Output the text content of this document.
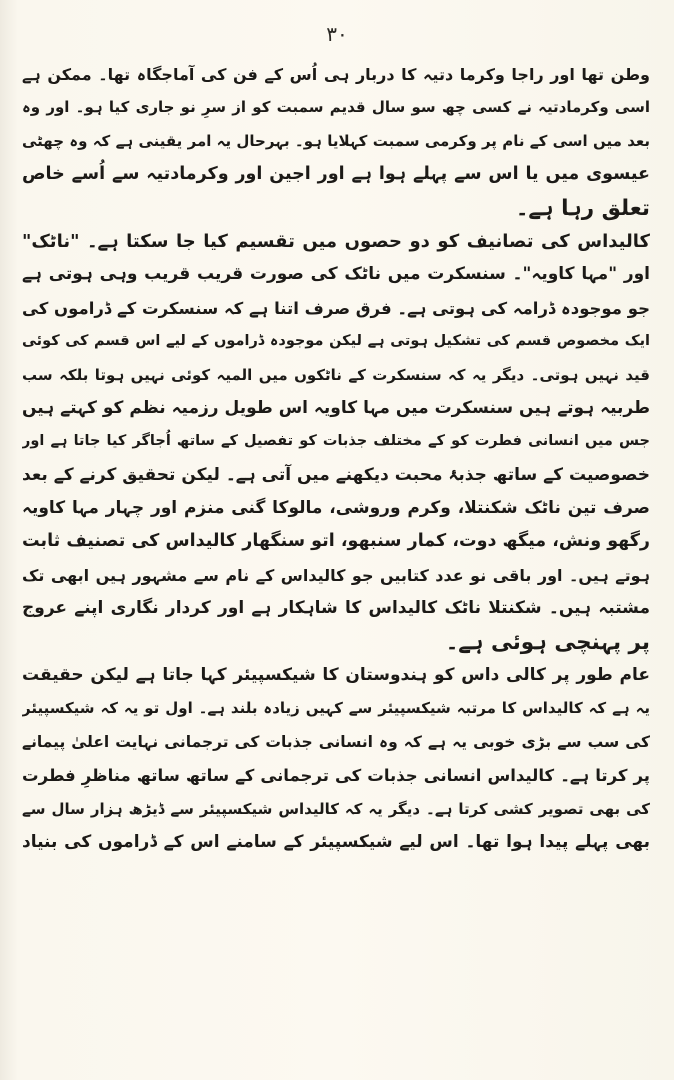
۳۰
وطن تھا اور راجا وکرما دتیہ کا دربار ہی اُس کے فن کی آماجگاہ تھا۔ ممکن ہے
اسی وکرمادتیہ نے کسی چھ سو سال قدیم سمبت کو از سرِ نو جاری کیا ہو۔ اور وہ
بعد میں اسی کے نام پر وکرمی سمبت کہلایا ہو۔ بہرحال یہ امر یقینی ہے کہ وہ چھٹی
عیسوی میں یا اس سے پہلے ہوا ہے اور اجین اور وکرمادتیہ سے اُسے خاص
تعلق رہا ہے۔
کالیداس کی تصانیف کو دو حصوں میں تقسیم کیا جا سکتا ہے۔ "ناٹک"
اور "مہا کاویہ"۔ سنسکرت میں ناٹک کی صورت قریب قریب وہی ہوتی ہے
جو موجودہ ڈرامہ کی ہوتی ہے۔ فرق صرف اتنا ہے کہ سنسکرت کے ڈراموں کی
ایک مخصوص قسم کی تشکیل ہوتی ہے لیکن موجودہ ڈراموں کے لیے اس قسم کی کوئی
قید نہیں ہوتی۔ دیگر یہ کہ سنسکرت کے ناٹکوں میں المیہ کوئی نہیں ہوتا بلکہ سب
طربیہ ہوتے ہیں سنسکرت میں مہا کاویہ اس طویل رزمیہ نظم کو کہتے ہیں
جس میں انسانی فطرت کو کے مختلف جذبات کو تفصیل کے ساتھ اُجاگر کیا جاتا ہے اور
خصوصیت کے ساتھ جذبۂ محبت دیکھنے میں آتی ہے۔ لیکن تحقیق کرنے کے بعد
صرف تین ناٹک شکنتلا، وکرم وروشی، مالوکا گنی منزم اور چہار مہا کاویہ
رگھو ونش، میگھ دوت، کمار سنبھو، اتو سنگھار کالیداس کی تصنیف ثابت
ہوتے ہیں۔ اور باقی نو عدد کتابیں جو کالیداس کے نام سے مشہور ہیں ابھی تک
مشتبہ ہیں۔ شکنتلا ناٹک کالیداس کا شاہکار ہے اور کردار نگاری اپنے عروج
پر پہنچی ہوئی ہے۔
عام طور پر کالی داس کو ہندوستان کا شیکسپیئر کہا جاتا ہے لیکن حقیقت
یہ ہے کہ کالیداس کا مرتبہ شیکسپیئر سے کہیں زیادہ بلند ہے۔ اول تو یہ کہ شیکسپیئر
کی سب سے بڑی خوبی یہ ہے کہ وہ انسانی جذبات کی ترجمانی نہایت اعلیٰ پیمانے
پر کرتا ہے۔ کالیداس انسانی جذبات کی ترجمانی کے ساتھ ساتھ مناظرِ فطرت
کی بھی تصویر کشی کرتا ہے۔ دیگر یہ کہ کالیداس شیکسپیئر سے ڈیڑھ ہزار سال سے
بھی پہلے پیدا ہوا تھا۔ اس لیے شیکسپیئر کے سامنے اس کے ڈراموں کی بنیاد
